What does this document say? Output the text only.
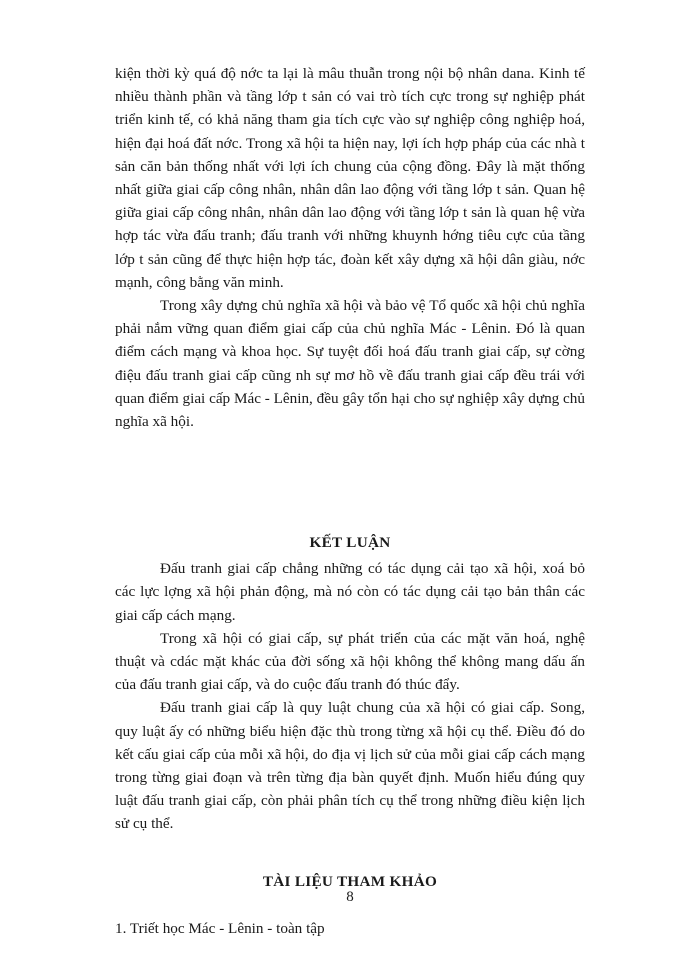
kiện thời kỳ quá độ nớc ta lại là mâu thuẫn trong nội bộ nhân dana. Kinh tế nhiều thành phần và tầng lớp t sản có vai trò tích cực trong sự nghiệp phát triển kinh tế, có khả năng tham gia tích cực vào sự nghiệp công nghiệp hoá, hiện đại hoá đất nớc. Trong xã hội ta hiện nay, lợi ích hợp pháp của các nhà t sản căn bản thống nhất với lợi ích chung của cộng đồng. Đây là mặt thống nhất giữa giai cấp công nhân, nhân dân lao động với tầng lớp t sản. Quan hệ giữa giai cấp công nhân, nhân dân lao động với tầng lớp t sản là quan hệ vừa hợp tác vừa đấu tranh; đấu tranh với những khuynh hớng tiêu cực của tầng lớp t sản cũng để thực hiện hợp tác, đoàn kết xây dựng xã hội dân giàu, nớc mạnh, công bằng văn minh.

Trong xây dựng chủ nghĩa xã hội và bảo vệ Tổ quốc xã hội chủ nghĩa phải nắm vững quan điểm giai cấp của chủ nghĩa Mác - Lênin. Đó là quan điểm cách mạng và khoa học. Sự tuyệt đối hoá đấu tranh giai cấp, sự cờng điệu đấu tranh giai cấp cũng nh sự mơ hồ về đấu tranh giai cấp đều trái với quan điểm giai cấp Mác - Lênin, đều gây tổn hại cho sự nghiệp xây dựng chủ nghĩa xã hội.

KẾT LUẬN

Đấu tranh giai cấp chẳng những có tác dụng cải tạo xã hội, xoá bỏ các lực lợng xã hội phản động, mà nó còn có tác dụng cải tạo bản thân các giai cấp cách mạng.

Trong xã hội có giai cấp, sự phát triển của các mặt văn hoá, nghệ thuật và cdác mặt khác của đời sống xã hội không thể không mang dấu ấn của đấu tranh giai cấp, và do cuộc đấu tranh đó thúc đẩy.

Đấu tranh giai cấp là quy luật chung của xã hội có giai cấp. Song, quy luật ấy có những biểu hiện đặc thù trong từng xã hội cụ thể. Điều đó do kết cấu giai cấp của mỗi xã hội, do địa vị lịch sử của mỗi giai cấp cách mạng trong từng giai đoạn và trên từng địa bàn quyết định. Muốn hiểu đúng quy luật đấu tranh giai cấp, còn phải phân tích cụ thể trong những điều kiện lịch sử cụ thể.

TÀI LIỆU THAM KHẢO

1. Triết học Mác - Lênin - toàn tập

8
